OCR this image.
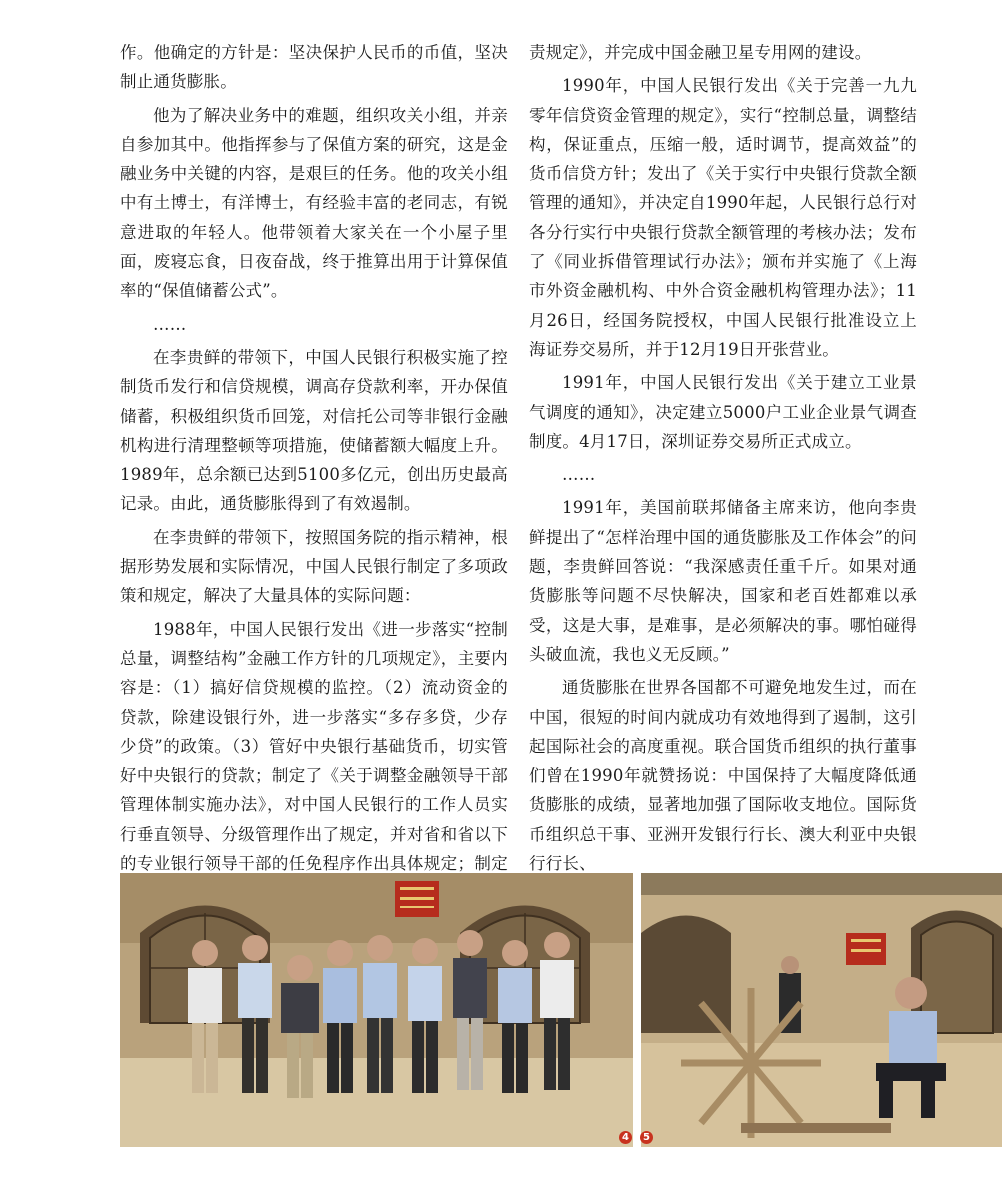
作。他确定的方针是：坚决保护人民币的币值，坚决制止通货膨胀。

他为了解决业务中的难题，组织攻关小组，并亲自参加其中。他指挥参与了保值方案的研究，这是金融业务中关键的内容，是艰巨的任务。他的攻关小组中有土博士，有洋博士，有经验丰富的老同志，有锐意进取的年轻人。他带领着大家关在一个小屋子里面，废寝忘食，日夜奋战，终于推算出用于计算保值率的“保值储蓄公式”。

……

在李贵鲜的带领下，中国人民银行积极实施了控制货币发行和信贷规模，调高存贷款利率，开办保值储蓄，积极组织货币回笼，对信托公司等非银行金融机构进行清理整顿等项措施，使储蓄额大幅度上升。1989年，总余额已达到5100多亿元，创出历史最高记录。由此，通货膨胀得到了有效遏制。

在李贵鲜的带领下，按照国务院的指示精神，根据形势发展和实际情况，中国人民银行制定了多项政策和规定，解决了大量具体的实际问题：

1988年，中国人民银行发出《进一步落实“控制总量，调整结构”金融工作方针的几项规定》，主要内容是：（1）搞好信贷规模的监控。（2）流动资金的贷款，除建设银行外，进一步落实“多存多贷，少存少贷”的政策。（3）管好中央银行基础货币，切实管好中央银行的贷款；制定了《关于调整金融领导干部管理体制实施办法》，对中国人民银行的工作人员实行垂直领导、分级管理作出了规定，并对省和省以下的专业银行领导干部的任免程序作出具体规定；制定

责规定》，并完成中国金融卫星专用网的建设。

1990年，中国人民银行发出《关于完善一九九零年信贷资金管理的规定》，实行“控制总量，调整结构，保证重点，压缩一般，适时调节，提高效益”的货币信贷方针；发出了《关于实行中央银行贷款全额管理的通知》，并决定自1990年起，人民银行总行对各分行实行中央银行贷款全额管理的考核办法；发布了《同业拆借管理试行办法》；颁布并实施了《上海市外资金融机构、中外合资金融机构管理办法》；11月26日，经国务院授权，中国人民银行批准设立上海证券交易所，并于12月19日开张营业。

1991年，中国人民银行发出《关于建立工业景气调度的通知》，决定建立5000户工业企业景气调查制度。4月17日，深圳证券交易所正式成立。

……

1991年，美国前联邦储备主席来访，他向李贵鲜提出了“怎样治理中国的通货膨胀及工作体会”的问题，李贵鲜回答说：“我深感责任重千斤。如果对通货膨胀等问题不尽快解决，国家和老百姓都难以承受，这是大事，是难事，是必须解决的事。哪怕碰得头破血流，我也义无反顾。”

通货膨胀在世界各国都不可避免地发生过，而在中国，很短的时间内就成功有效地得到了遏制，这引起国际社会的高度重视。联合国货币组织的执行董事们曾在1990年就赞扬说：中国保持了大幅度降低通货膨胀的成绩，显著地加强了国际收支地位。国际货币组织总干事、亚洲开发银行行长、澳大利亚中央银行行长、

4	5
